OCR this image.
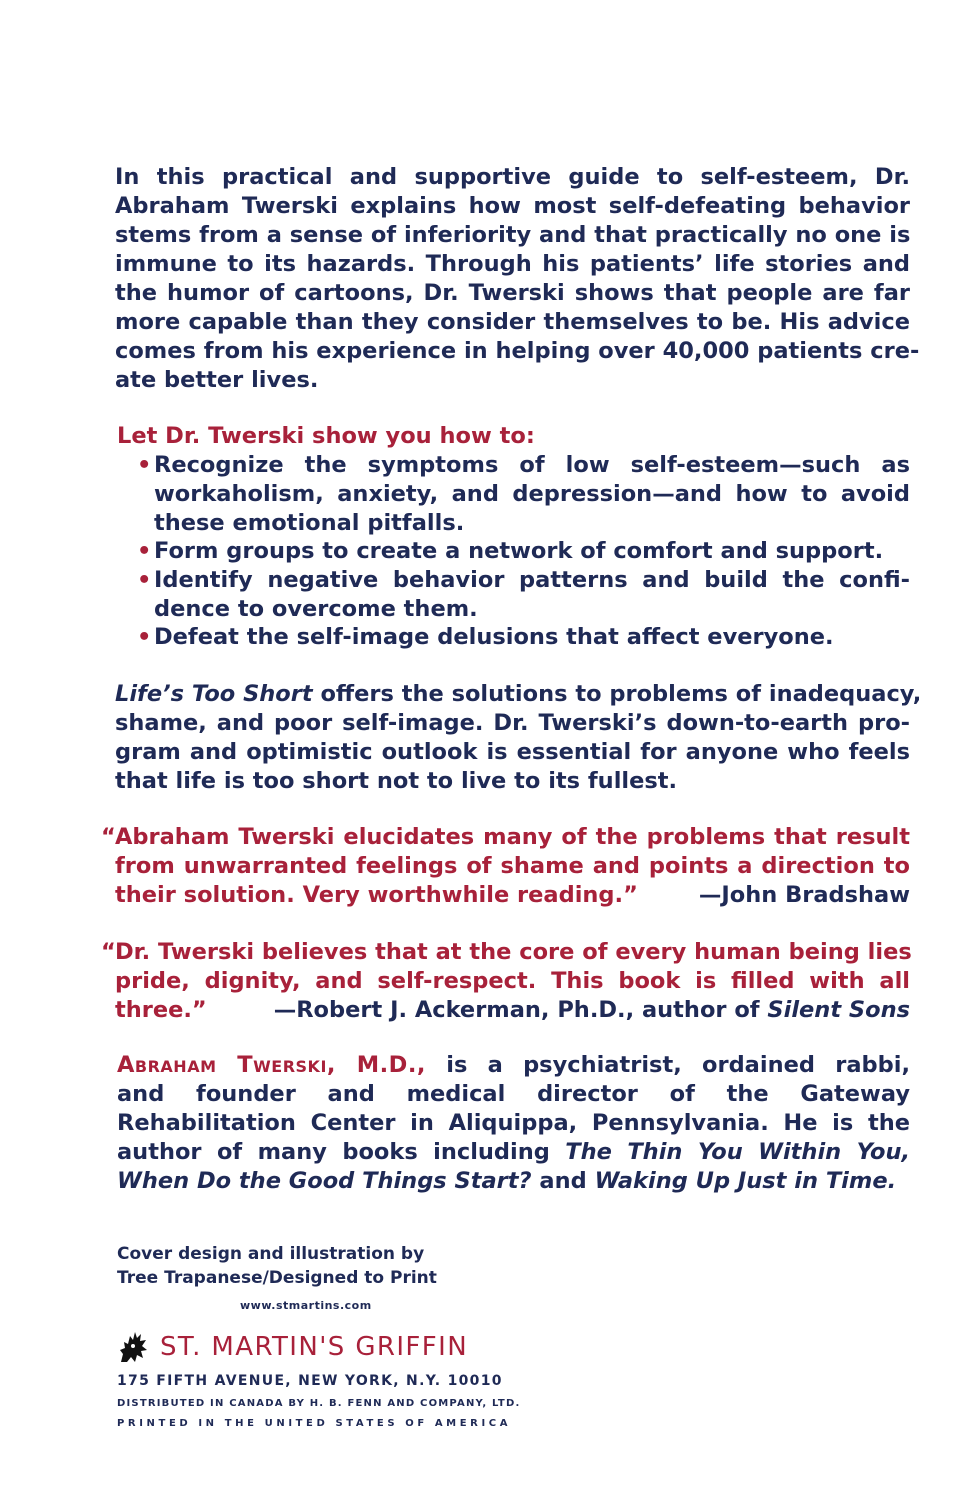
In this practical and supportive guide to self-esteem, Dr.
Abraham Twerski explains how most self-defeating behavior
stems from a sense of inferiority and that practically no one is
immune to its hazards. Through his patients’ life stories and
the humor of cartoons, Dr. Twerski shows that people are far
more capable than they consider themselves to be. His advice
comes from his experience in helping over 40,000 patients cre-
ate better lives.
Let Dr. Twerski show you how to:
• Recognize the symptoms of low self-esteem—such as
workaholism, anxiety, and depression—and how to avoid
these emotional pitfalls.
• Form groups to create a network of comfort and support.
• Identify negative behavior patterns and build the confi-
dence to overcome them.
• Defeat the self-image delusions that affect everyone.
Life’s Too Short offers the solutions to problems of inadequacy,
shame, and poor self-image. Dr. Twerski’s down-to-earth pro-
gram and optimistic outlook is essential for anyone who feels
that life is too short not to live to its fullest.
“ Abraham Twerski elucidates many of the problems that result
from unwarranted feelings of shame and points a direction to
their solution. Very worthwhile reading.”	—John Bradshaw
“ Dr. Twerski believes that at the core of every human being lies
pride, dignity, and self-respect. This book is filled with all
three.”	—Robert J. Ackerman, Ph.D., author of Silent Sons
Abraham Twerski, M.D., is a psychiatrist, ordained rabbi,
and founder and medical director of the Gateway
Rehabilitation Center in Aliquippa, Pennsylvania. He is the
author of many books including The Thin You Within You,
When Do the Good Things Start? and Waking Up Just in Time.
Cover design and illustration by
Tree Trapanese/Designed to Print
www.stmartins.com
ST. MARTIN'S GRIFFIN
175 FIFTH AVENUE, NEW YORK, N.Y. 10010
DISTRIBUTED IN CANADA BY H. B. FENN AND COMPANY, LTD.
PRINTED IN THE UNITED STATES OF AMERICA
